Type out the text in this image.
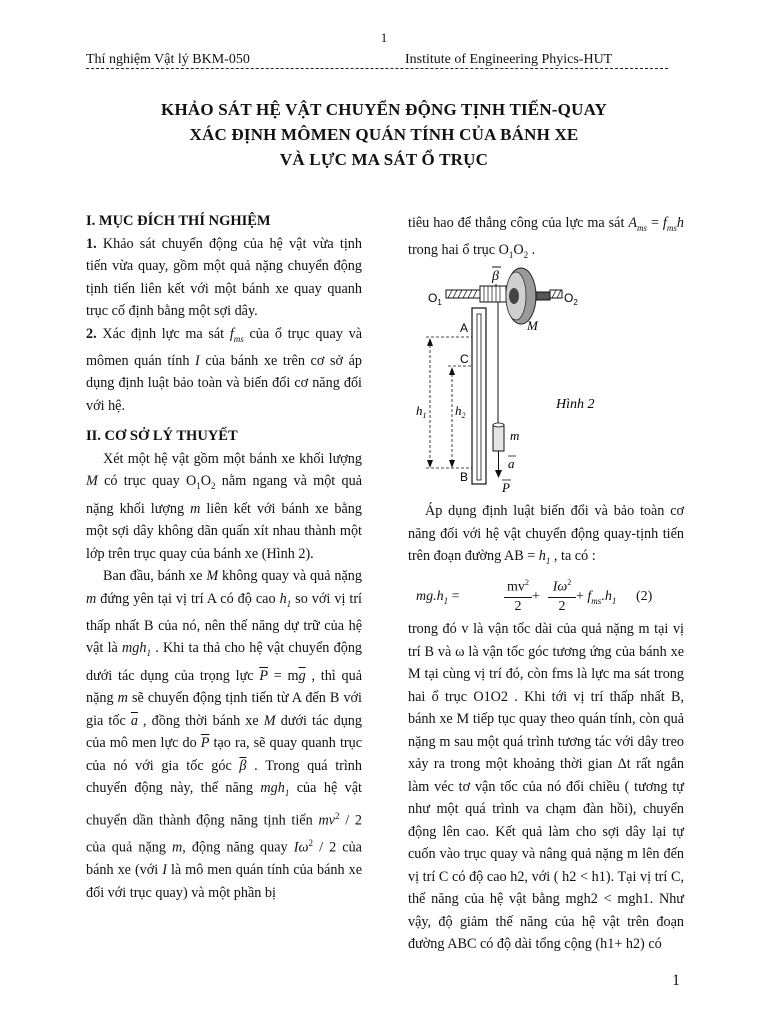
1
Thí nghiệm Vật lý BKM-050	Institute of Engineering Phyics-HUT
KHẢO SÁT HỆ VẬT CHUYỂN ĐỘNG TỊNH TIẾN-QUAY
XÁC ĐỊNH MÔMEN QUÁN TÍNH CỦA BÁNH XE
VÀ LỰC MA SÁT Ổ TRỤC

I. MỤC ĐÍCH THÍ NGHIỆM

1. Khảo sát chuyển động của hệ vật vừa tịnh tiến vừa quay, gồm một quả nặng chuyển động tịnh tiến liên kết với một bánh xe quay quanh trục cố định bằng một sợi dây.

2. Xác định lực ma sát $f_{ms}$ của ổ trục quay và mômen quán tính I của bánh xe trên cơ sở áp dụng định luật bảo toàn và biến đổi cơ năng đối với hệ.

II. CƠ SỞ LÝ THUYẾT

Xét một hệ vật gồm một bánh xe khối lượng M có trục quay $O_1O_2$ nằm ngang và một quả nặng khối lượng m liên kết với bánh xe bằng một sợi dây không dãn quấn xít nhau thành một lớp trên trục quay của bánh xe (Hình 2).

Ban đầu, bánh xe M không quay và quả nặng m đứng yên tại vị trí A có độ cao $h_1$ so với vị trí thấp nhất B của nó, nên thế năng dự trữ của hệ vật là mgh$_1$ . Khi ta thả cho hệ vật chuyển động dưới tác dụng của trọng lực $\overline{P} = m\overline{g}$ , thì quả nặng m sẽ chuyển động tịnh tiến từ A đến B với gia tốc $\overline{a}$ , đồng thời bánh xe M dưới tác dụng của mô men lực do $\overline{P}$ tạo ra, sẽ quay quanh trục của nó với gia tốc góc $\overline{\beta}$ . Trong quá trình chuyển động này, thế năng mgh$_1$ của hệ vật chuyển dần thành động năng tịnh tiến $mv^2 / 2$ của quả nặng m, động năng quay $I\omega^2 / 2$ của bánh xe (với I là mô men quán tính của bánh xe đối với trục quay) và một phần bị

tiêu hao để thắng công của lực ma sát $A_{ms} = f_{ms}h$ trong hai ổ trục $O_1O_2$ .

β
$O_1$	$O_2$
M
m
a
P
A
C
B
$h_1$ $h_2$
Hình 2

Áp dụng định luật biến đổi và bảo toàn cơ năng đối với hệ vật chuyển động quay-tịnh tiến trên đoạn đường AB = $h_1$ , ta có :

$mg.h_1$ =
$mv^2$
2
+
$I\omega^2$
2
+ $f_{ms}.h_1$ (2)

trong đó v là vận tốc dài của quả nặng m tại vị trí B và ω là vận tốc góc tương ứng của bánh xe M tại cùng vị trí đó, còn fms là lực ma sát trong hai ổ trục O1O2 . Khi tới vị trí thấp nhất B, bánh xe M tiếp tục quay theo quán tính, còn quả nặng m sau một quá trình tương tác với dây treo xảy ra trong một khoảng thời gian Δt rất ngắn làm véc tơ vận tốc của nó đổi chiều ( tương tự như một quá trình va chạm đàn hồi), chuyển động lên cao. Kết quả làm cho sợi dây lại tự cuốn vào trục quay và nâng quả nặng m lên đến vị trí C có độ cao h2, với ( h2 < h1). Tại vị trí C, thế năng của hệ vật bằng mgh2 < mgh1. Như vậy, độ giảm thế năng của hệ vật trên đoạn đường ABC có độ dài tổng cộng (h1+ h2) có

1
